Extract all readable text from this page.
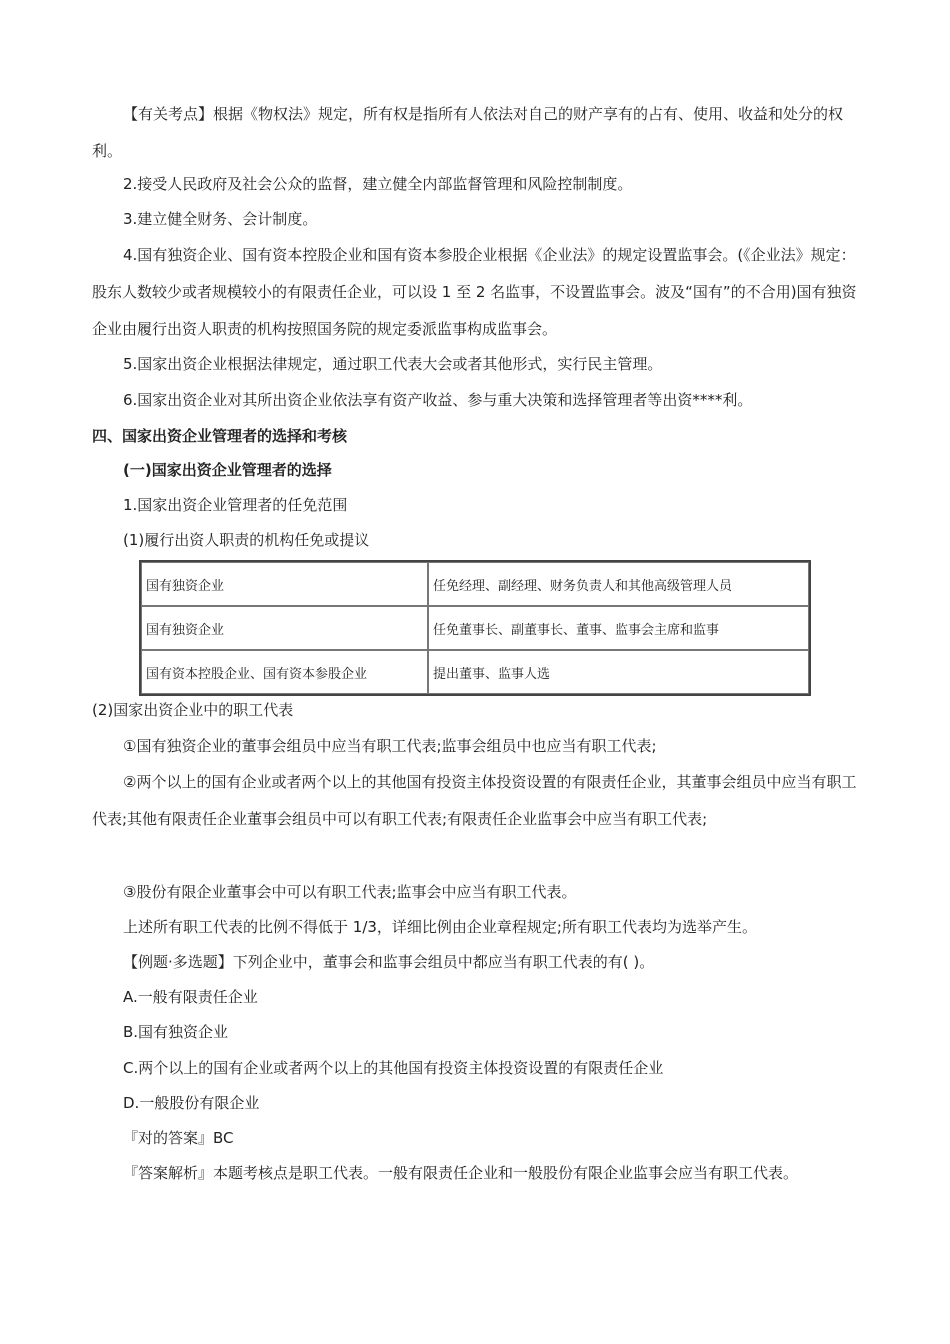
【有关考点】根据《物权法》规定，所有权是指所有人依法对自己的财产享有的占有、使用、收益和处分的权利。

2.接受人民政府及社会公众的监督，建立健全内部监督管理和风险控制制度。

3.建立健全财务、会计制度。

4.国有独资企业、国有资本控股企业和国有资本参股企业根据《企业法》的规定设置监事会。(《企业法》规定：股东人数较少或者规模较小的有限责任企业，可以设 1 至 2 名监事，不设置监事会。波及“国有”的不合用)国有独资企业由履行出资人职责的机构按照国务院的规定委派监事构成监事会。

5.国家出资企业根据法律规定，通过职工代表大会或者其他形式，实行民主管理。

6.国家出资企业对其所出资企业依法享有资产收益、参与重大决策和选择管理者等出资****利。

四、国家出资企业管理者的选择和考核

(一)国家出资企业管理者的选择

1.国家出资企业管理者的任免范围

(1)履行出资人职责的机构任免或提议

国有独资企业	任免经理、副经理、财务负责人和其他高级管理人员
国有独资企业	任免董事长、副董事长、董事、监事会主席和监事
国有资本控股企业、国有资本参股企业	提出董事、监事人选

(2)国家出资企业中的职工代表

①国有独资企业的董事会组员中应当有职工代表;监事会组员中也应当有职工代表;

②两个以上的国有企业或者两个以上的其他国有投资主体投资设置的有限责任企业，其董事会组员中应当有职工代表;其他有限责任企业董事会组员中可以有职工代表;有限责任企业监事会中应当有职工代表;

③股份有限企业董事会中可以有职工代表;监事会中应当有职工代表。

上述所有职工代表的比例不得低于 1/3，详细比例由企业章程规定;所有职工代表均为选举产生。

【例题·多选题】下列企业中，董事会和监事会组员中都应当有职工代表的有( )。

A.一般有限责任企业

B.国有独资企业

C.两个以上的国有企业或者两个以上的其他国有投资主体投资设置的有限责任企业

D.一般股份有限企业

『对的答案』BC

『答案解析』本题考核点是职工代表。一般有限责任企业和一般股份有限企业监事会应当有职工代表。
